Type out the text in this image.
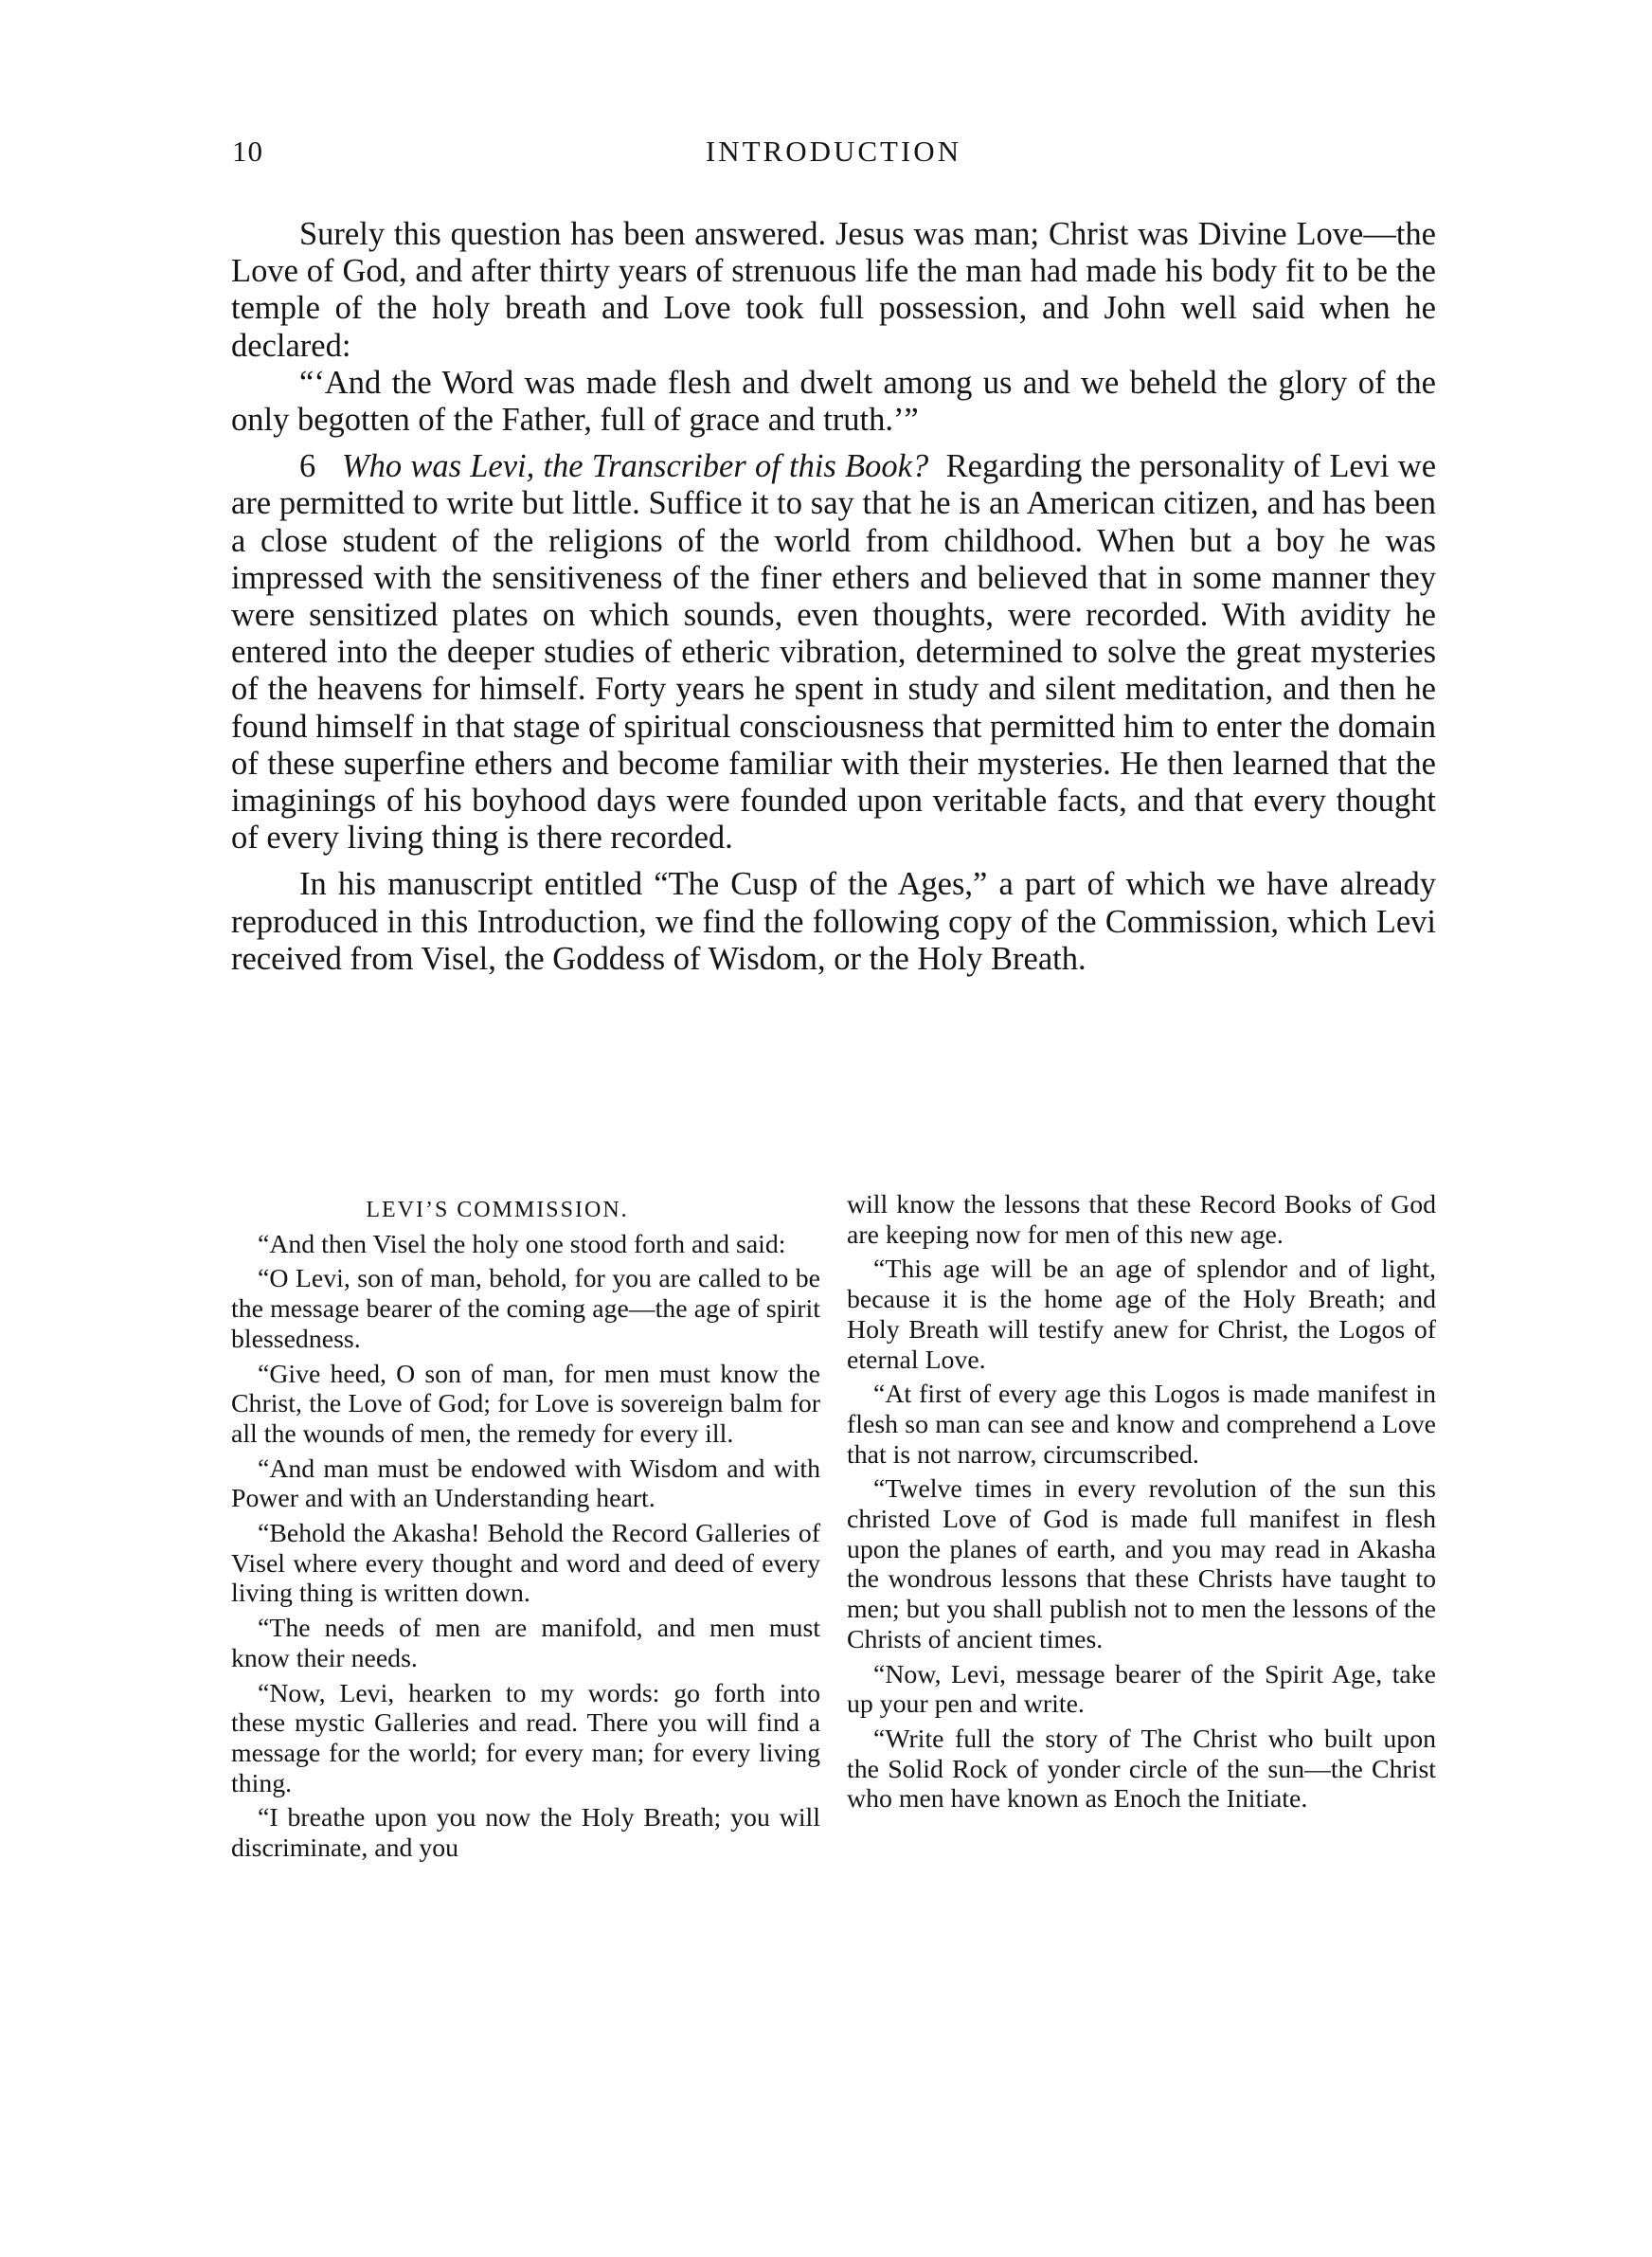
10	INTRODUCTION

Surely this question has been answered. Jesus was man; Christ was Divine Love—the Love of God, and after thirty years of strenuous life the man had made his body fit to be the temple of the holy breath and Love took full possession, and John well said when he declared:

“‘And the Word was made flesh and dwelt among us and we beheld the glory of the only begotten of the Father, full of grace and truth.’”

6 Who was Levi, the Transcriber of this Book? Regarding the personality of Levi we are permitted to write but little. Suffice it to say that he is an American citizen, and has been a close student of the religions of the world from childhood. When but a boy he was impressed with the sensitiveness of the finer ethers and believed that in some manner they were sensitized plates on which sounds, even thoughts, were recorded. With avidity he entered into the deeper studies of etheric vibration, determined to solve the great mysteries of the heavens for himself. Forty years he spent in study and silent meditation, and then he found himself in that stage of spiritual consciousness that permitted him to enter the domain of these superfine ethers and become familiar with their mysteries. He then learned that the imaginings of his boyhood days were founded upon veritable facts, and that every thought of every living thing is there recorded.

In his manuscript entitled “The Cusp of the Ages,” a part of which we have already reproduced in this Introduction, we find the following copy of the Commission, which Levi received from Visel, the Goddess of Wisdom, or the Holy Breath.

LEVI’S COMMISSION.

“And then Visel the holy one stood forth and said:

“O Levi, son of man, behold, for you are called to be the message bearer of the coming age—the age of spirit blessedness.

“Give heed, O son of man, for men must know the Christ, the Love of God; for Love is sovereign balm for all the wounds of men, the remedy for every ill.

“And man must be endowed with Wisdom and with Power and with an Understanding heart.

“Behold the Akasha! Behold the Record Galleries of Visel where every thought and word and deed of every living thing is written down.

“The needs of men are manifold, and men must know their needs.

“Now, Levi, hearken to my words: go forth into these mystic Galleries and read. There you will find a message for the world; for every man; for every living thing.

“I breathe upon you now the Holy Breath; you will discriminate, and you

will know the lessons that these Record Books of God are keeping now for men of this new age.

“This age will be an age of splendor and of light, because it is the home age of the Holy Breath; and Holy Breath will testify anew for Christ, the Logos of eternal Love.

“At first of every age this Logos is made manifest in flesh so man can see and know and comprehend a Love that is not narrow, circumscribed.

“Twelve times in every revolution of the sun this christed Love of God is made full manifest in flesh upon the planes of earth, and you may read in Akasha the wondrous lessons that these Christs have taught to men; but you shall publish not to men the lessons of the Christs of ancient times.

“Now, Levi, message bearer of the Spirit Age, take up your pen and write.

“Write full the story of The Christ who built upon the Solid Rock of yonder circle of the sun—the Christ who men have known as Enoch the Initiate.
